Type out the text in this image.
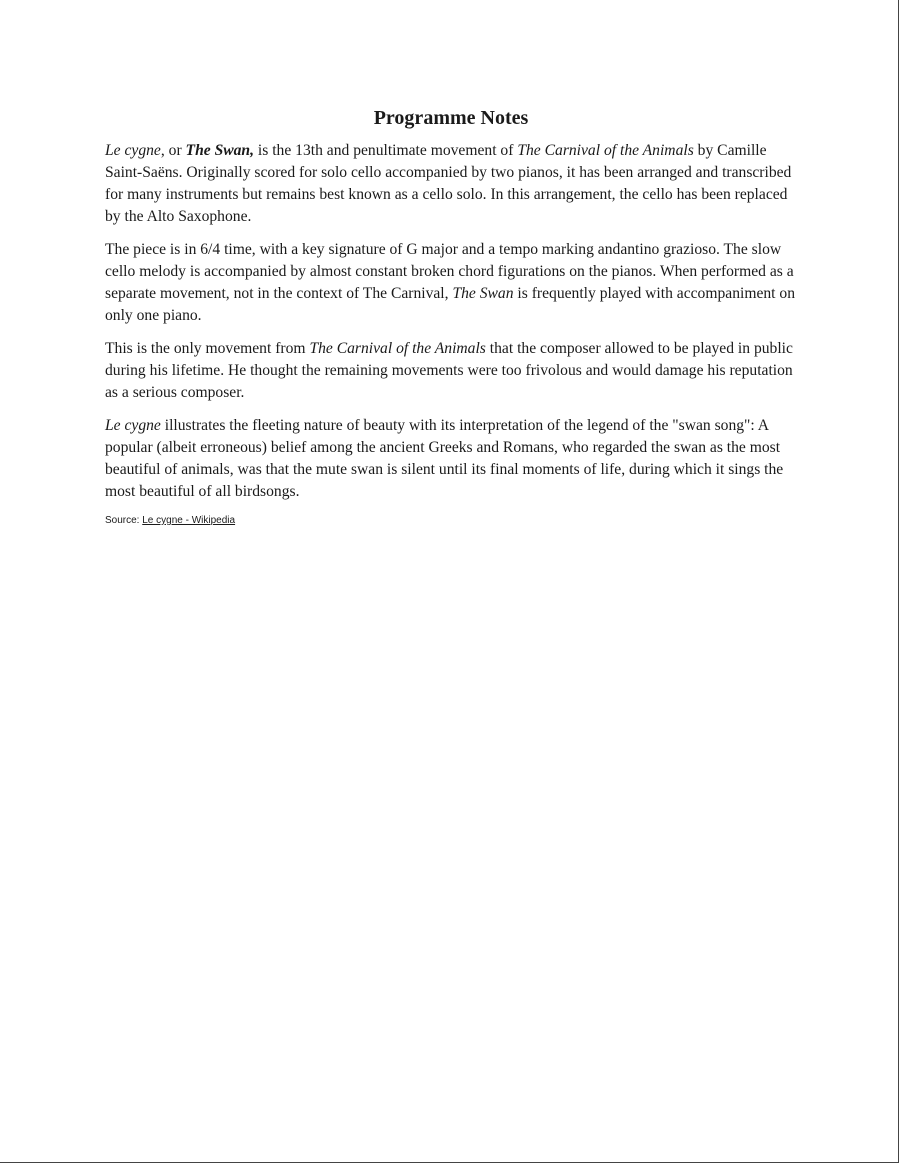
Programme Notes

Le cygne, or The Swan, is the 13th and penultimate movement of The Carnival of the Animals by Camille Saint-Saëns. Originally scored for solo cello accompanied by two pianos, it has been arranged and transcribed for many instruments but remains best known as a cello solo. In this arrangement, the cello has been replaced by the Alto Saxophone.

The piece is in 6/4 time, with a key signature of G major and a tempo marking andantino grazioso. The slow cello melody is accompanied by almost constant broken chord figurations on the pianos. When performed as a separate movement, not in the context of The Carnival, The Swan is frequently played with accompaniment on only one piano.

This is the only movement from The Carnival of the Animals that the composer allowed to be played in public during his lifetime. He thought the remaining movements were too frivolous and would damage his reputation as a serious composer.

Le cygne illustrates the fleeting nature of beauty with its interpretation of the legend of the "swan song": A popular (albeit erroneous) belief among the ancient Greeks and Romans, who regarded the swan as the most beautiful of animals, was that the mute swan is silent until its final moments of life, during which it sings the most beautiful of all birdsongs.

Source: Le cygne - Wikipedia
